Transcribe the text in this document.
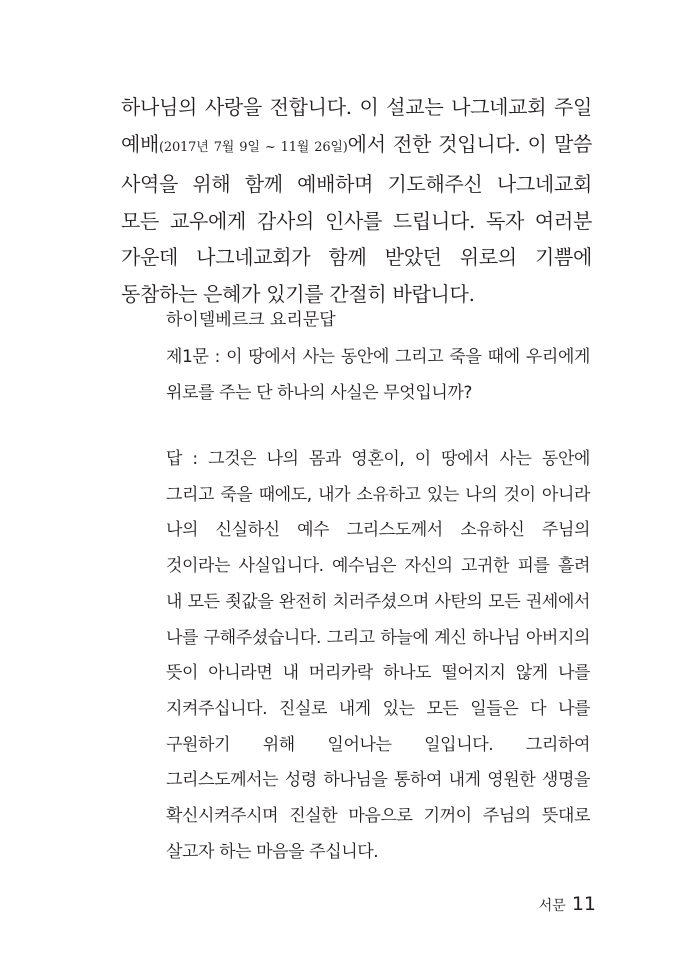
하나님의 사랑을 전합니다. 이 설교는 나그네교회 주일 예배(2017년 7월 9일 ~ 11월 26일)에서 전한 것입니다. 이 말씀 사역을 위해 함께 예배하며 기도해주신 나그네교회 모든 교우에게 감사의 인사를 드립니다. 독자 여러분 가운데 나그네교회가 함께 받았던 위로의 기쁨에 동참하는 은혜가 있기를 간절히 바랍니다.

하이델베르크 요리문답

제1문 : 이 땅에서 사는 동안에 그리고 죽을 때에 우리에게 위로를 주는 단 하나의 사실은 무엇입니까?

답 : 그것은 나의 몸과 영혼이, 이 땅에서 사는 동안에 그리고 죽을 때에도, 내가 소유하고 있는 나의 것이 아니라 나의 신실하신 예수 그리스도께서 소유하신 주님의 것이라는 사실입니다. 예수님은 자신의 고귀한 피를 흘려 내 모든 죗값을 완전히 치러주셨으며 사탄의 모든 권세에서 나를 구해주셨습니다. 그리고 하늘에 계신 하나님 아버지의 뜻이 아니라면 내 머리카락 하나도 떨어지지 않게 나를 지켜주십니다. 진실로 내게 있는 모든 일들은 다 나를 구원하기 위해 일어나는 일입니다. 그리하여 그리스도께서는 성령 하나님을 통하여 내게 영원한 생명을 확신시켜주시며 진실한 마음으로 기꺼이 주님의 뜻대로 살고자 하는 마음을 주십니다.

서문 11
